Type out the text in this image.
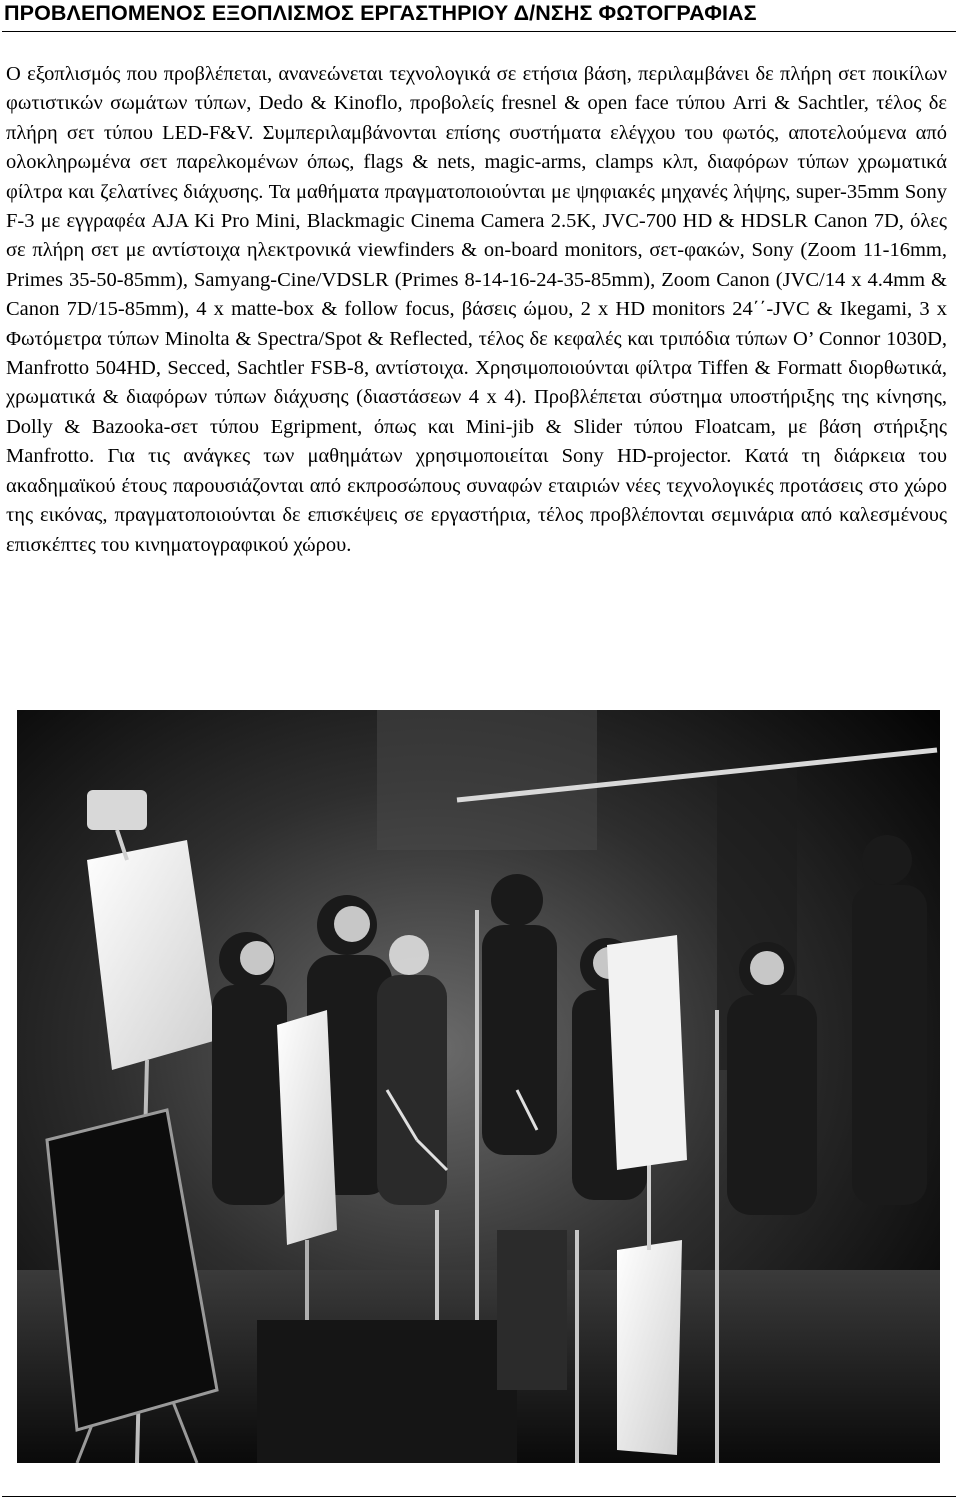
ΠΡΟΒΛΕΠΟΜΕΝΟΣ ΕΞΟΠΛΙΣΜΟΣ ΕΡΓΑΣΤΗΡΙΟΥ Δ/ΝΣΗΣ ΦΩΤΟΓΡΑΦΙΑΣ

Ο εξοπλισμός που προβλέπεται, ανανεώνεται τεχνολογικά σε ετήσια βάση, περιλαμβάνει δε πλήρη σετ ποικίλων φωτιστικών σωμάτων τύπων, Dedo & Kinoflo, προβολείς fresnel & open face τύπου Arri & Sachtler, τέλος δε πλήρη σετ τύπου LED-F&V. Συμπεριλαμβάνονται επίσης συστήματα ελέγχου του φωτός, αποτελούμενα από ολοκληρωμένα σετ παρελκομένων όπως, flags & nets, magic-arms, clamps κλπ, διαφόρων τύπων χρωματικά φίλτρα και ζελατίνες διάχυσης. Τα μαθήματα πραγματοποιούνται με ψηφιακές μηχανές λήψης, super-35mm Sony F-3 με εγγραφέα AJA Ki Pro Mini, Blackmagic Cinema Camera 2.5K, JVC-700 HD & HDSLR Canon 7D, όλες σε πλήρη σετ με αντίστοιχα ηλεκτρονικά viewfinders & on-board monitors, σετ-φακών, Sony (Zoom 11-16mm, Primes 35-50-85mm), Samyang-Cine/VDSLR (Primes 8-14-16-24-35-85mm), Zoom Canon (JVC/14 x 4.4mm & Canon 7D/15-85mm), 4 x matte-box & follow focus, βάσεις ώμου, 2 x HD monitors 24΄΄-JVC & Ikegami, 3 x Φωτόμετρα τύπων Minolta & Spectra/Spot & Reflected, τέλος δε κεφαλές και τριπόδια τύπων O’ Connor 1030D, Manfrotto 504HD, Secced, Sachtler FSB-8, αντίστοιχα. Χρησιμοποιούνται φίλτρα Tiffen & Formatt διορθωτικά, χρωματικά & διαφόρων τύπων διάχυσης (διαστάσεων 4 x 4). Προβλέπεται σύστημα υποστήριξης της κίνησης, Dolly & Bazooka-σετ τύπου Egripment, όπως και Mini-jib & Slider τύπου Floatcam, με βάση στήριξης Manfrotto. Για τις ανάγκες των μαθημάτων χρησιμοποιείται Sony HD-projector. Κατά τη διάρκεια του ακαδημαϊκού έτους παρουσιάζονται από εκπροσώπους συναφών εταιριών νέες τεχνολογικές προτάσεις στο χώρο της εικόνας, πραγματοποιούνται δε επισκέψεις σε εργαστήρια, τέλος προβλέπονται σεμινάρια από καλεσμένους επισκέπτες του κινηματογραφικού χώρου.
